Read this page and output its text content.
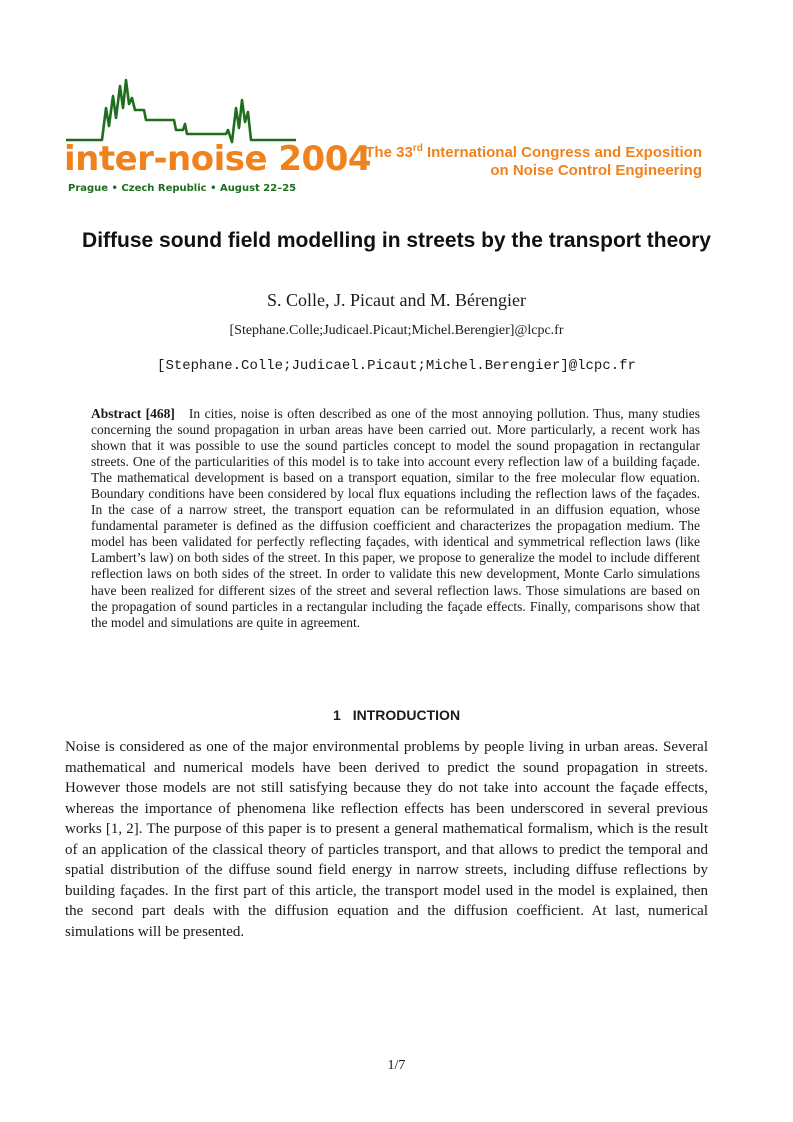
inter-noise 2004
Prague • Czech Republic • August 22–25
The 33rd International Congress and Exposition
on Noise Control Engineering
Diffuse sound field modelling in streets by the transport theory
S. Colle, J. Picaut and M. Bérengier
[Stephane.Colle;Judicael.Picaut;Michel.Berengier]@lcpc.fr
[Stephane.Colle;Judicael.Picaut;Michel.Berengier]@lcpc.fr
Abstract [468] In cities, noise is often described as one of the most annoying pollution. Thus, many studies concerning the sound propagation in urban areas have been carried out. More particularly, a recent work has shown that it was possible to use the sound particles concept to model the sound propagation in rectangular streets. One of the particularities of this model is to take into account every reflection law of a building façade. The mathematical development is based on a transport equation, similar to the free molecular flow equation. Boundary conditions have been considered by local flux equations including the reflection laws of the façades. In the case of a narrow street, the transport equation can be reformulated in an diffusion equation, whose fundamental parameter is defined as the diffusion coefficient and characterizes the propagation medium. The model has been validated for perfectly reflecting façades, with identical and symmetrical reflection laws (like Lambert’s law) on both sides of the street. In this paper, we propose to generalize the model to include different reflection laws on both sides of the street. In order to validate this new development, Monte Carlo simulations have been realized for different sizes of the street and several reflection laws. Those simulations are based on the propagation of sound particles in a rectangular including the façade effects. Finally, comparisons show that the model and simulations are quite in agreement.
1 INTRODUCTION

Noise is considered as one of the major environmental problems by people living in urban areas. Several mathematical and numerical models have been derived to predict the sound propagation in streets. However those models are not still satisfying because they do not take into account the façade effects, whereas the importance of phenomena like reflection effects has been underscored in several previous works [1, 2]. The purpose of this paper is to present a general mathematical formalism, which is the result of an application of the classical theory of particles transport, and that allows to predict the temporal and spatial distribution of the diffuse sound field energy in narrow streets, including diffuse reflections by building façades. In the first part of this article, the transport model used in the model is explained, then the second part deals with the diffusion equation and the diffusion coefficient. At last, numerical simulations will be presented.

1/7
